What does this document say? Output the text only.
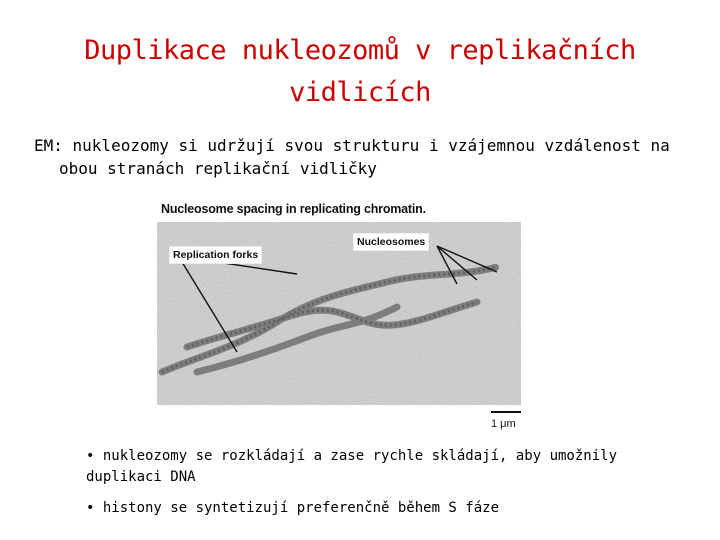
Duplikace nukleozomů v replikačních vidlicích
EM: nukleozomy si udržují svou strukturu i vzájemnou vzdálenost na
obou stranách replikační vidličky
Nucleosome spacing in replicating chromatin.
Nucleosomes
Replication forks
1 μm

• nukleozomy se rozkládají a zase rychle skládají, aby umožnily duplikaci DNA

• histony se syntetizují preferenčně během S fáze
